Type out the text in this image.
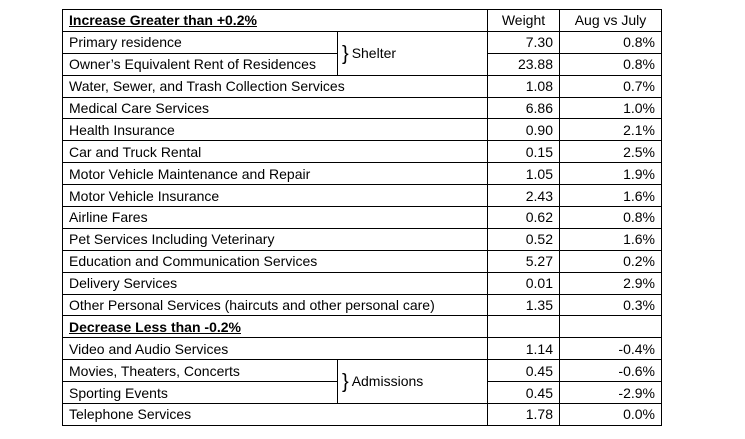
Increase Greater than +0.2%		Weight	Aug vs July
Primary residence	} Shelter	7.30	0.8%
Owner’s Equivalent Rent of Residences		23.88	0.8%
Water, Sewer, and Trash Collection Services		1.08	0.7%
Medical Care Services		6.86	1.0%
Health Insurance		0.90	2.1%
Car and Truck Rental		0.15	2.5%
Motor Vehicle Maintenance and Repair		1.05	1.9%
Motor Vehicle Insurance		2.43	1.6%
Airline Fares		0.62	0.8%
Pet Services Including Veterinary		0.52	1.6%
Education and Communication Services		5.27	0.2%
Delivery Services		0.01	2.9%
Other Personal Services (haircuts and other personal care)		1.35	0.3%
Decrease Less than -0.2%			
Video and Audio Services		1.14	-0.4%
Movies, Theaters, Concerts	} Admissions	0.45	-0.6%
Sporting Events		0.45	-2.9%
Telephone Services		1.78	0.0%
